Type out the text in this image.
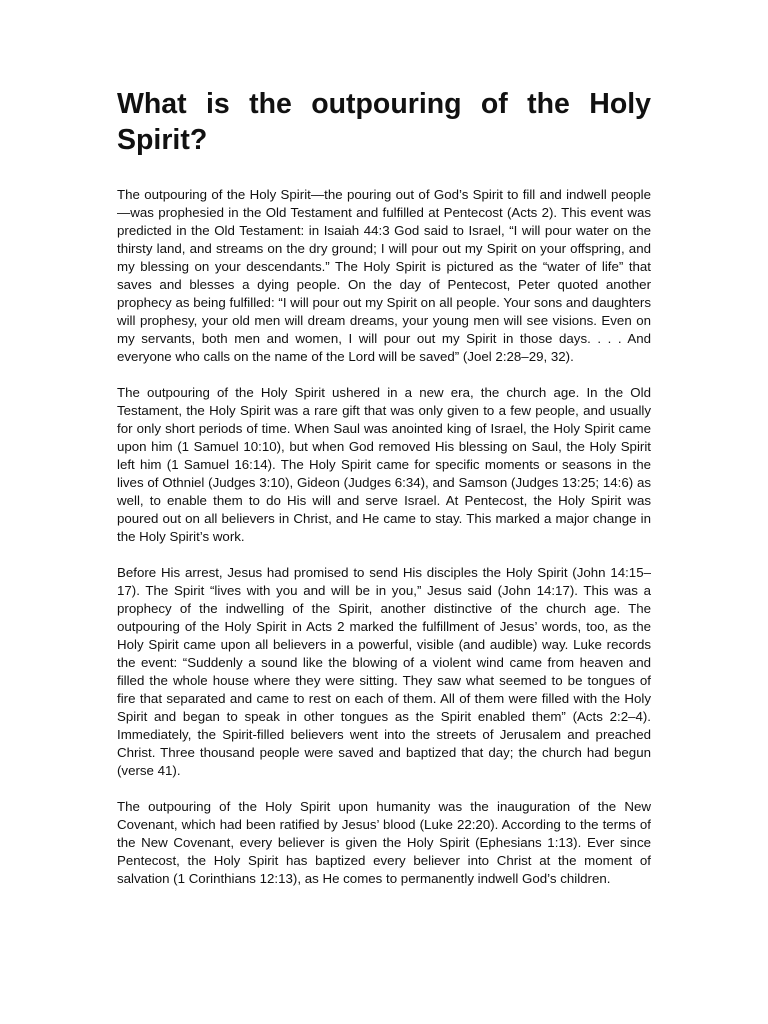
What is the outpouring of the Holy Spirit?

The outpouring of the Holy Spirit—the pouring out of God’s Spirit to fill and indwell people—was prophesied in the Old Testament and fulfilled at Pentecost (Acts 2). This event was predicted in the Old Testament: in Isaiah 44:3 God said to Israel, “I will pour water on the thirsty land, and streams on the dry ground; I will pour out my Spirit on your offspring, and my blessing on your descendants.” The Holy Spirit is pictured as the “water of life” that saves and blesses a dying people. On the day of Pentecost, Peter quoted another prophecy as being fulfilled: “I will pour out my Spirit on all people. Your sons and daughters will prophesy, your old men will dream dreams, your young men will see visions. Even on my servants, both men and women, I will pour out my Spirit in those days. . . . And everyone who calls on the name of the Lord will be saved” (Joel 2:28–29, 32).

The outpouring of the Holy Spirit ushered in a new era, the church age. In the Old Testament, the Holy Spirit was a rare gift that was only given to a few people, and usually for only short periods of time. When Saul was anointed king of Israel, the Holy Spirit came upon him (1 Samuel 10:10), but when God removed His blessing on Saul, the Holy Spirit left him (1 Samuel 16:14). The Holy Spirit came for specific moments or seasons in the lives of Othniel (Judges 3:10), Gideon (Judges 6:34), and Samson (Judges 13:25; 14:6) as well, to enable them to do His will and serve Israel. At Pentecost, the Holy Spirit was poured out on all believers in Christ, and He came to stay. This marked a major change in the Holy Spirit’s work.

Before His arrest, Jesus had promised to send His disciples the Holy Spirit (John 14:15–17). The Spirit “lives with you and will be in you,” Jesus said (John 14:17). This was a prophecy of the indwelling of the Spirit, another distinctive of the church age. The outpouring of the Holy Spirit in Acts 2 marked the fulfillment of Jesus’ words, too, as the Holy Spirit came upon all believers in a powerful, visible (and audible) way. Luke records the event: “Suddenly a sound like the blowing of a violent wind came from heaven and filled the whole house where they were sitting. They saw what seemed to be tongues of fire that separated and came to rest on each of them. All of them were filled with the Holy Spirit and began to speak in other tongues as the Spirit enabled them” (Acts 2:2–4). Immediately, the Spirit-filled believers went into the streets of Jerusalem and preached Christ. Three thousand people were saved and baptized that day; the church had begun (verse 41).

The outpouring of the Holy Spirit upon humanity was the inauguration of the New Covenant, which had been ratified by Jesus’ blood (Luke 22:20). According to the terms of the New Covenant, every believer is given the Holy Spirit (Ephesians 1:13). Ever since Pentecost, the Holy Spirit has baptized every believer into Christ at the moment of salvation (1 Corinthians 12:13), as He comes to permanently indwell God’s children.
